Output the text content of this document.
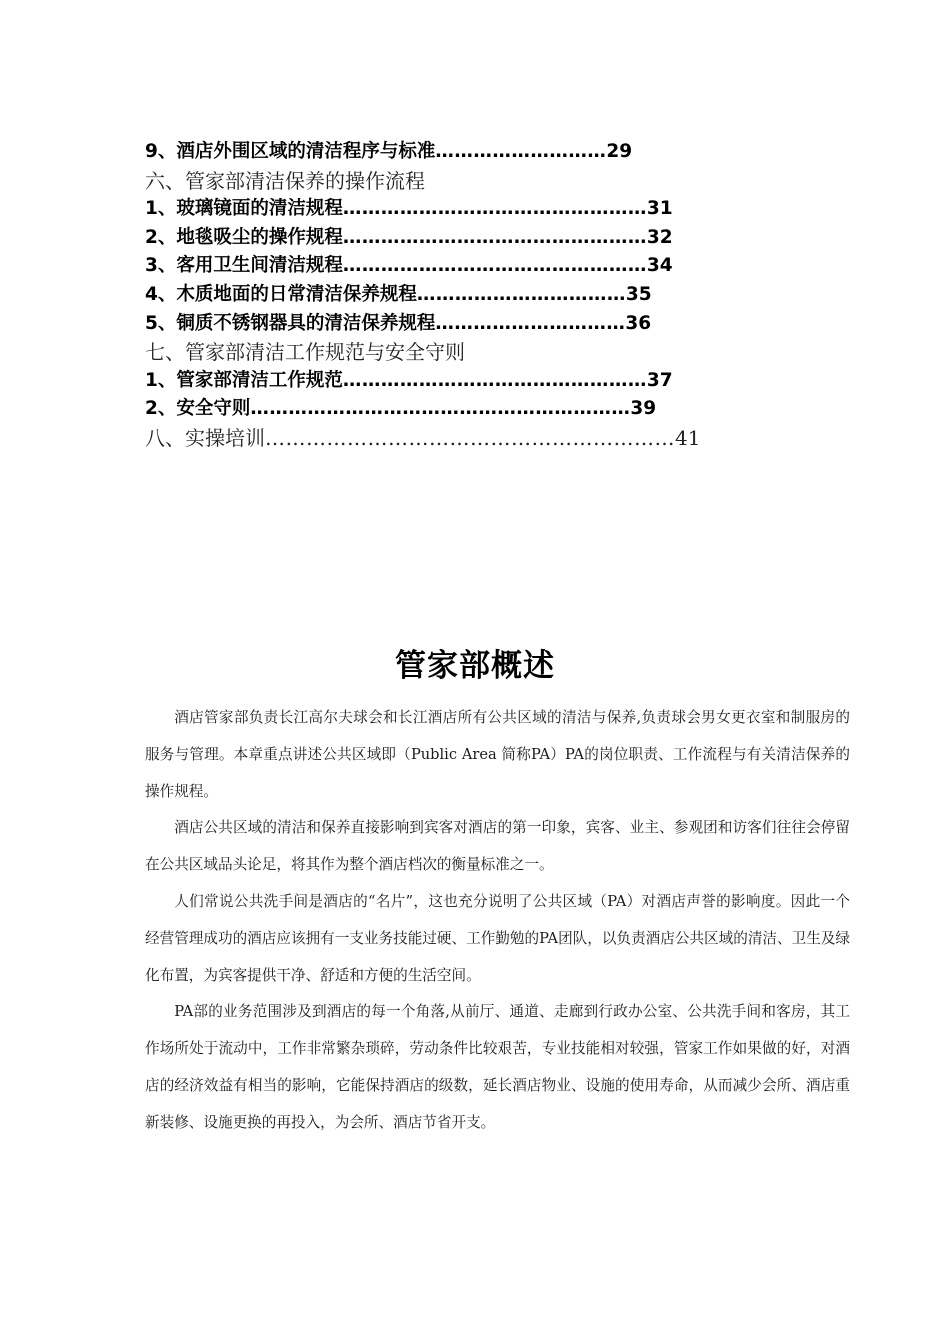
9、酒店外围区域的清洁程序与标准 ……………………… 29
六、管家部清洁保养的操作流程
1、玻璃镜面的清洁规程 ………………………………………… 31
2、地毯吸尘的操作规程 ………………………………………… 32
3、客用卫生间清洁规程 ………………………………………… 34
4、木质地面的日常清洁保养规程 …………………………… 35
5、铜质不锈钢器具的清洁保养规程 ………………………… 36
七、管家部清洁工作规范与安全守则
1、管家部清洁工作规范 ………………………………………… 37
2、安全守则 …………………………………………………… 39
八、实操培训 …………………………………………………… 41
管家部概述

酒店管家部负责长江高尔夫球会和长江酒店所有公共区域的清洁与保养,负责球会男女更衣室和制服房的服务与管理。本章重点讲述公共区域即（Public Area 简称PA）PA的岗位职责、工作流程与有关清洁保养的操作规程。

酒店公共区域的清洁和保养直接影响到宾客对酒店的第一印象，宾客、业主、参观团和访客们往往会停留在公共区域品头论足，将其作为整个酒店档次的衡量标准之一。

人们常说公共洗手间是酒店的“名片”，这也充分说明了公共区域（PA）对酒店声誉的影响度。因此一个经营管理成功的酒店应该拥有一支业务技能过硬、工作勤勉的PA团队，以负责酒店公共区域的清洁、卫生及绿化布置，为宾客提供干净、舒适和方便的生活空间。

PA部的业务范围涉及到酒店的每一个角落,从前厅、通道、走廊到行政办公室、公共洗手间和客房，其工作场所处于流动中，工作非常繁杂琐碎，劳动条件比较艰苦，专业技能相对较强，管家工作如果做的好，对酒店的经济效益有相当的影响，它能保持酒店的级数，延长酒店物业、设施的使用寿命，从而减少会所、酒店重新装修、设施更换的再投入，为会所、酒店节省开支。
